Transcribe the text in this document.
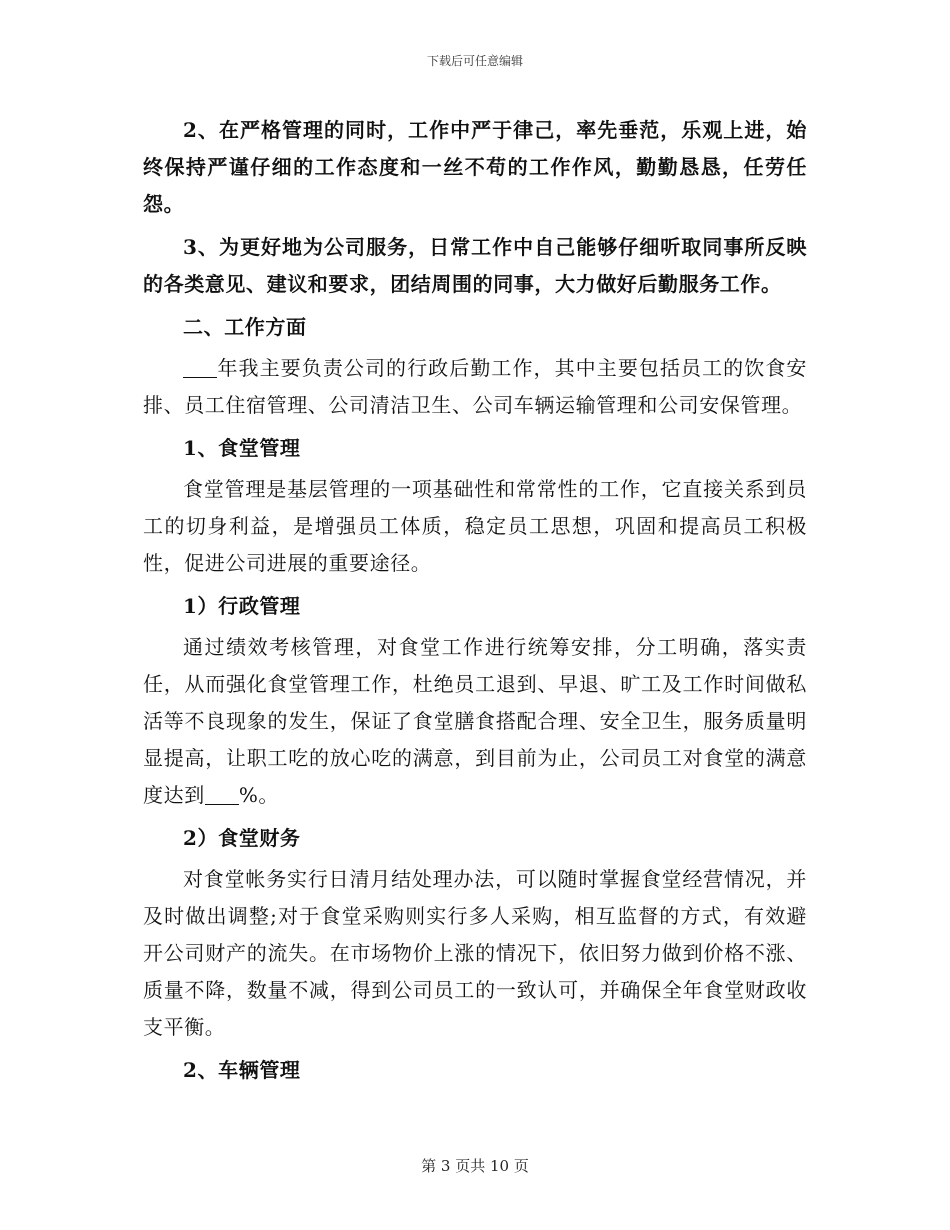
下载后可任意编辑

2、在严格管理的同时，工作中严于律己，率先垂范，乐观上进，始终保持严谨仔细的工作态度和一丝不苟的工作作风，勤勤恳恳，任劳任怨。

3、为更好地为公司服务，日常工作中自己能够仔细听取同事所反映的各类意见、建议和要求，团结周围的同事，大力做好后勤服务工作。

二、工作方面

年我主要负责公司的行政后勤工作，其中主要包括员工的饮食安排、员工住宿管理、公司清洁卫生、公司车辆运输管理和公司安保管理。

1、食堂管理

食堂管理是基层管理的一项基础性和常常性的工作，它直接关系到员工的切身利益，是增强员工体质，稳定员工思想，巩固和提高员工积极性，促进公司进展的重要途径。

1）行政管理

通过绩效考核管理，对食堂工作进行统筹安排，分工明确，落实责任，从而强化食堂管理工作，杜绝员工退到、早退、旷工及工作时间做私活等不良现象的发生，保证了食堂膳食搭配合理、安全卫生，服务质量明显提高，让职工吃的放心吃的满意，到目前为止，公司员工对食堂的满意度达到 %。

2）食堂财务

对食堂帐务实行日清月结处理办法，可以随时掌握食堂经营情况，并及时做出调整;对于食堂采购则实行多人采购，相互监督的方式，有效避开公司财产的流失。在市场物价上涨的情况下，依旧努力做到价格不涨、质量不降，数量不减，得到公司员工的一致认可，并确保全年食堂财政收支平衡。

2、车辆管理

第 3 页共 10 页
